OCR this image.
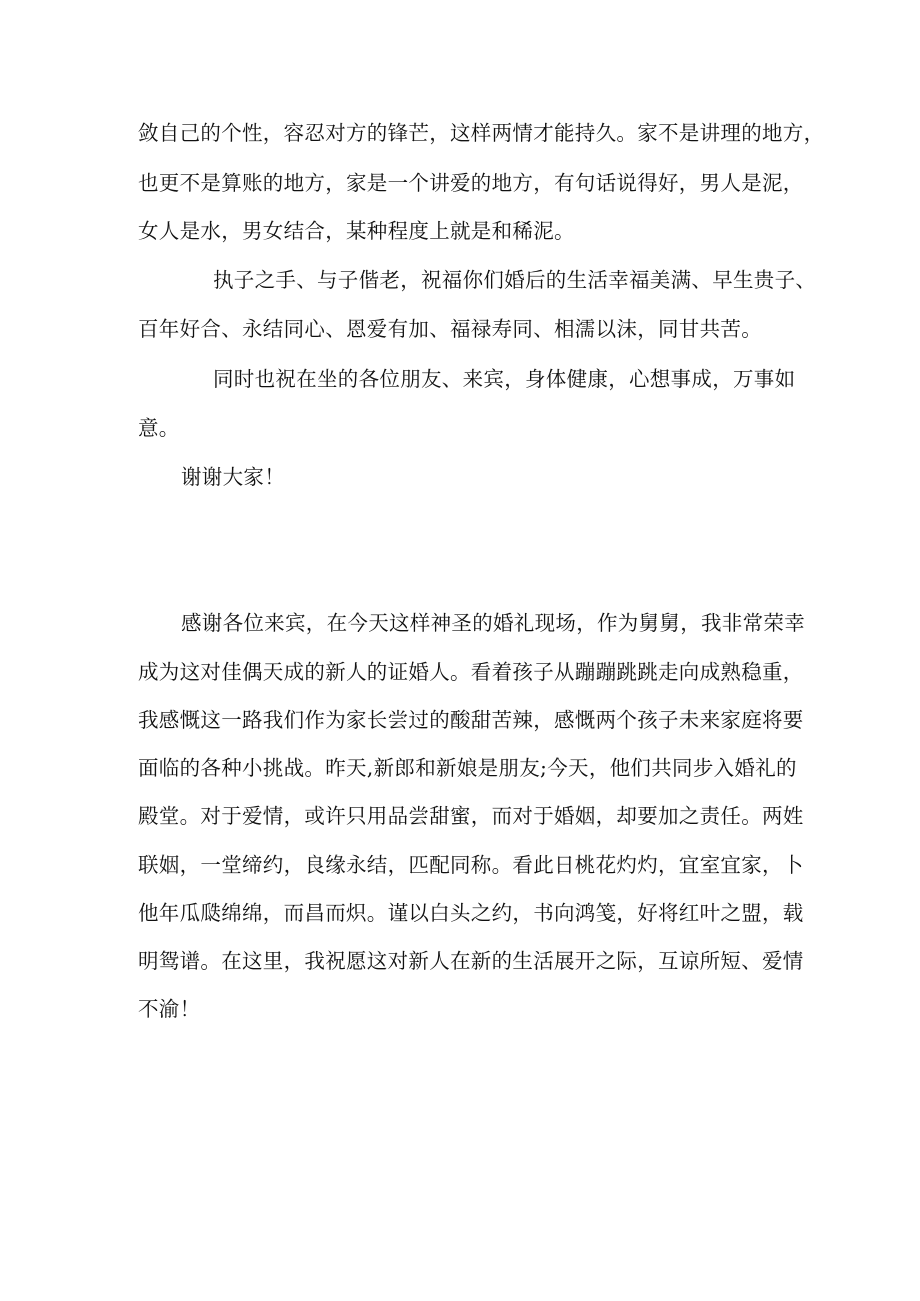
敛自己的个性，容忍对方的锋芒，这样两情才能持久。家不是讲理的地方，
也更不是算账的地方，家是一个讲爱的地方，有句话说得好，男人是泥，
女人是水，男女结合，某种程度上就是和稀泥。
执子之手、与子偕老，祝福你们婚后的生活幸福美满、早生贵子、
百年好合、永结同心、恩爱有加、福禄寿同、相濡以沫，同甘共苦。
同时也祝在坐的各位朋友、来宾，身体健康，心想事成，万事如
意。
谢谢大家！
感谢各位来宾，在今天这样神圣的婚礼现场，作为舅舅，我非常荣幸
成为这对佳偶天成的新人的证婚人。看着孩子从蹦蹦跳跳走向成熟稳重，
我感慨这一路我们作为家长尝过的酸甜苦辣，感慨两个孩子未来家庭将要
面临的各种小挑战。昨天,新郎和新娘是朋友;今天，他们共同步入婚礼的
殿堂。对于爱情，或许只用品尝甜蜜，而对于婚姻，却要加之责任。两姓
联姻，一堂缔约，良缘永结，匹配同称。看此日桃花灼灼，宜室宜家，卜
他年瓜瓞绵绵，而昌而炽。谨以白头之约，书向鸿笺，好将红叶之盟，载
明鸳谱。在这里，我祝愿这对新人在新的生活展开之际，互谅所短、爱情
不渝！
